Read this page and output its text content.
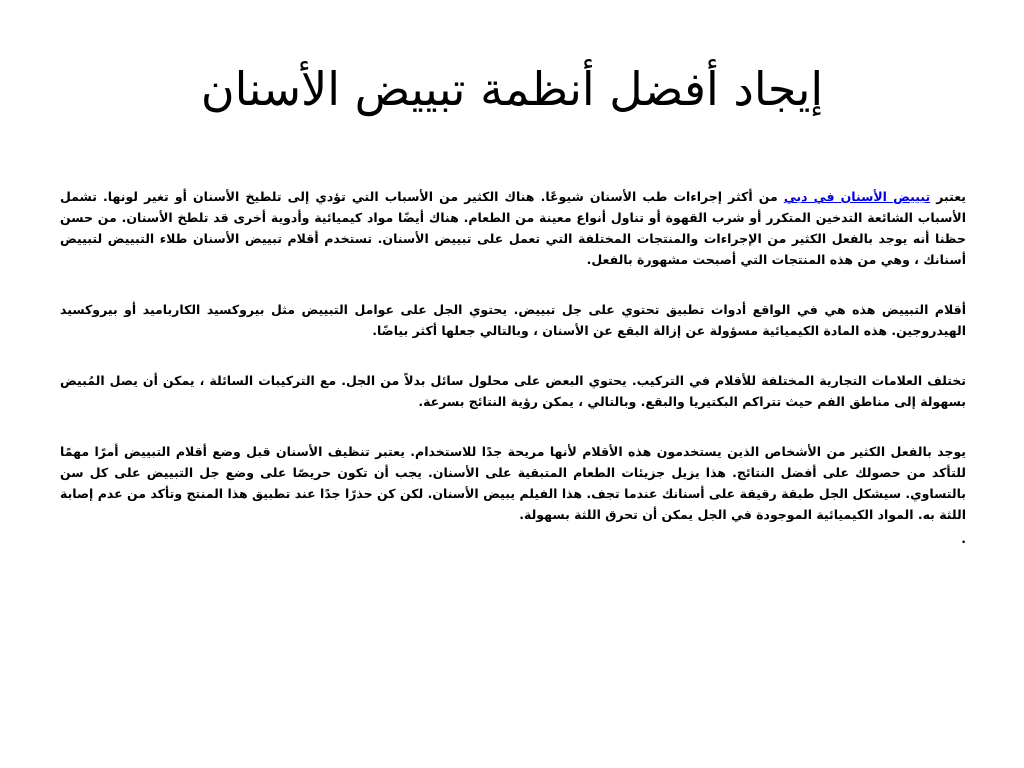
إيجاد أفضل أنظمة تبييض الأسنان

يعتبر تبييض الأسنان في دبي من أكثر إجراءات طب الأسنان شيوعًا. هناك الكثير من الأسباب التي تؤدي إلى تلطيخ الأسنان أو تغير لونها. تشمل الأسباب الشائعة التدخين المتكرر أو شرب القهوة أو تناول أنواع معينة من الطعام. هناك أيضًا مواد كيميائية وأدوية أخرى قد تلطخ الأسنان. من حسن حظنا أنه يوجد بالفعل الكثير من الإجراءات والمنتجات المختلفة التي تعمل على تبييض الأسنان. تستخدم أقلام تبييض الأسنان طلاء التبييض لتبييض أسنانك ، وهي من هذه المنتجات التي أصبحت مشهورة بالفعل.

أقلام التبييض هذه هي في الواقع أدوات تطبيق تحتوي على جل تبييض. يحتوي الجل على عوامل التبييض مثل بيروكسيد الكارباميد أو بيروكسيد الهيدروجين. هذه المادة الكيميائية مسؤولة عن إزالة البقع عن الأسنان ، وبالتالي جعلها أكثر بياضًا.

تختلف العلامات التجارية المختلفة للأقلام في التركيب. يحتوي البعض على محلول سائل بدلاً من الجل. مع التركيبات السائلة ، يمكن أن يصل المُبيض بسهولة إلى مناطق الفم حيث تتراكم البكتيريا والبقع. وبالتالي ، يمكن رؤية النتائج بسرعة.

يوجد بالفعل الكثير من الأشخاص الذين يستخدمون هذه الأقلام لأنها مريحة جدًا للاستخدام. يعتبر تنظيف الأسنان قبل وضع أقلام التبييض أمرًا مهمًا للتأكد من حصولك على أفضل النتائج. هذا يزيل جزيئات الطعام المتبقية على الأسنان. يجب أن تكون حريصًا على وضع جل التبييض على كل سن بالتساوي. سيشكل الجل طبقة رقيقة على أسنانك عندما تجف. هذا الفيلم يبيض الأسنان. لكن كن حذرًا جدًا عند تطبيق هذا المنتج وتأكد من عدم إصابة اللثة به. المواد الكيميائية الموجودة في الجل يمكن أن تحرق اللثة بسهولة.

.
